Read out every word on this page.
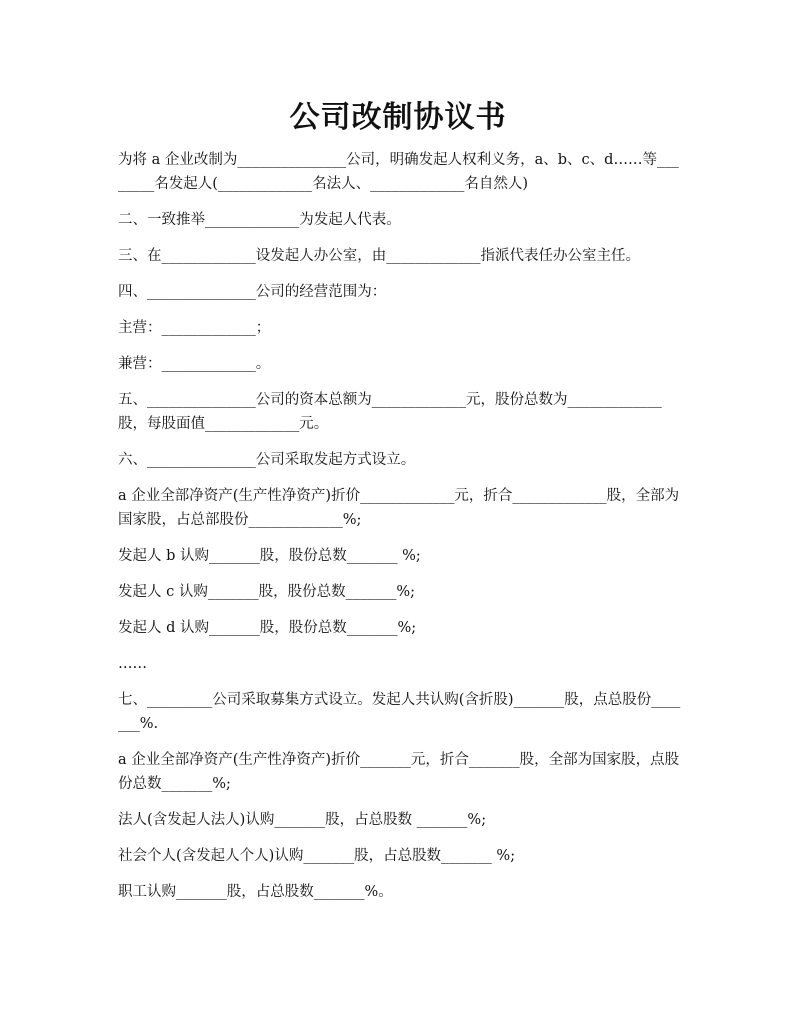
公司改制协议书

为将 a 企业改制为_______________公司，明确发起人权利义务，a、b、c、d……等________名发起人(_____________名法人、_____________名自然人)

二、一致推举_____________为发起人代表。

三、在_____________设发起人办公室，由_____________指派代表任办公室主任。

四、_______________公司的经营范围为：

主营：_____________；

兼营：_____________。

五、_______________公司的资本总额为_____________元，股份总数为_____________股，每股面值_____________元。

六、_______________公司采取发起方式设立。

a 企业全部净资产(生产性净资产)折价_____________元，折合_____________股，全部为国家股，占总部股份_____________%;

发起人 b 认购_______股，股份总数_______ %;

发起人 c 认购_______股，股份总数_______%;

发起人 d 认购_______股，股份总数_______%;

……

七、_________公司采取募集方式设立。发起人共认购(含折股)_______股，点总股份_______%.

a 企业全部净资产(生产性净资产)折价_______元，折合_______股，全部为国家股，点股份总数_______%;

法人(含发起人法人)认购_______股，占总股数 _______%;

社会个人(含发起人个人)认购_______股，占总股数_______ %;

职工认购_______股，占总股数_______%。
